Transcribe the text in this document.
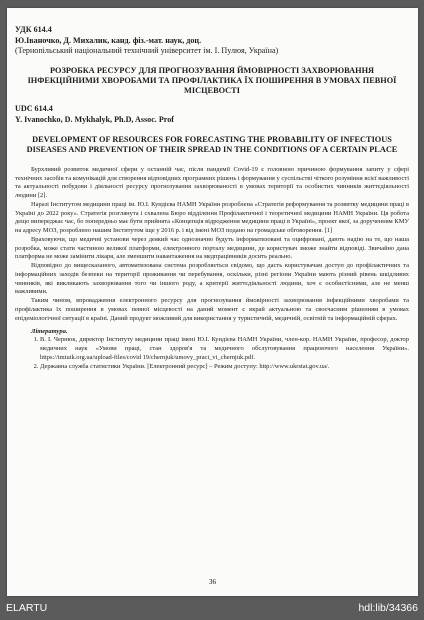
УДК 614.4
Ю.Іваночко, Д. Михалик, канд. фіз.-мат. наук, доц.
(Тернопільський національний технічний університет ім. І. Пулюя, Україна)
РОЗРОБКА РЕСУРСУ ДЛЯ ПРОГНОЗУВАННЯ ЙМОВІРНОСТІ ЗАХВОРЮВАННЯ ІНФЕКЦІЙНИМИ ХВОРОБАМИ ТА ПРОФІЛАКТИКА ЇХ ПОШИРЕННЯ В УМОВАХ ПЕВНОЇ МІСЦЕВОСТІ
UDC 614.4
Y. Ivanochko, D. Mykhalyk, Ph.D, Assoc. Prof
DEVELOPMENT OF RESOURCES FOR FORECASTING THE PROBABILITY OF INFECTIOUS DISEASES AND PREVENTION OF THEIR SPREAD IN THE CONDITIONS OF A CERTAIN PLACE

Бурхливий розвиток медичної сфери у останній час, після пандемії Covid-19 є головною причиною формування запиту у сфері технічних засобів та комунікацій для створення відповідних програмних рішень і формування у суспільстві чіткого розуміння всієї важливості та актуальності побудови і діяльності ресурсу прогнозування захворюваності в умовах території та особистих чинників життєдіяльності людини [2].

Наразі Інститутом медицини праці ім. Ю.І. Кундієва НАМН України розроблена «Стратегія реформування та розвитку медицини праці в Україні до 2022 року». Стратегія розглянута і схвалена Бюро відділення Профілактичної і теоретичної медицини НАМН України. Ця робота дещо випереджає час, бо попередньо має бути прийнята «Концепція відродження медицини праці в Україні», проект якої, за дорученням КМУ на адресу МОЗ, розроблено нашим Інститутом іще у 2016 р. і від імені МОЗ подано на громадське обговорення. [1]

Враховуючи, що медичні установи через деякий час однозначно будуть інформатизовані та оцифровані, дають надію на те, що наша розробка, може стати частиною великої платформи, електронного порталу медицини, де користувач зможе знайти відповіді. Звичайно дана платформа не може замінити лікаря, але зменшити навантаження на медпрацівників досить реально.

Відповідно до вищесказаного, автоматизована система розробляється свідомо, що дасть користувачам доступ до профілактичних та інформаційних заходів безпеки на території проживання чи перебування, оскільки, різні регіони України мають різний рівень шкідливих чинників, які викликають захворювання того чи іншого роду, а критерії життєдіяльності людини, хоч є особистісними, але не менш важливими.

Таким чином, впровадження електронного ресурсу для прогнозування ймовірності захворювання інфекційними хворобами та профілактика їх поширення в умовах певної місцевості на даний момент є вкрай актуальною та своєчасним рішенням в умовах епідеміологічної ситуації в країні. Даний продукт можливий для використання у туристичній, медичній, освітній та інформаційній сферах.

Література.
1. В. І. Чернюк, директор Інституту медицини праці імені Ю.І. Кундієва НАМН України, член-кор. НАМН України, професор, доктор медичних наук «Умови праці, стан здоров'я та медичного обслуговування працюючого населення України». https://imtuik.org.ua/upload-files/covid 19/chernjuk/umovy_praci_vi_chernjuk.pdf.
2. Державна служба статистики України. [Електронний ресурс] – Режим доступу: http://www.ukrstat.gov.ua/.
36
ELARTU	hdl:lib/34366
